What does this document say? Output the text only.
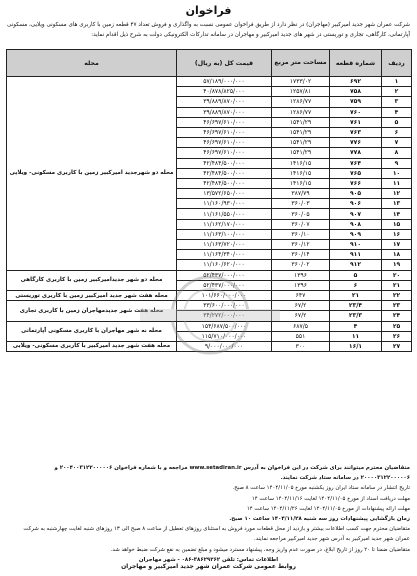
فراخوان
شرکت عمران شهر جدید امیرکبیر (مهاجران) در نظر دارد از طریق فراخوان عمومی نسبت به واگذاری و فروش تعداد ۴۷ قطعه زمین با کاربری های مسکونی ویلایی، مسکونی آپارتمانی، کارگاهی، تجاری و توریستی در شهر های جدید امیرکبیر و مهاجران در سامانه تدارکات الکترونیکی دولت به شرح ذیل اقدام نماید:
ردیف	شماره قطعه	مساحت متر مربع	قیمت کل (به ریال)	محله
۱	۶۹۲	۱۷۳۳/۰۲	۵۷/۱۸۹/۰۰۰/۰۰۰	محله دو شهرجدید امیرکبیر زمین با کاربری مسکونی- ویلایی
۲	۷۵۸	۱۲۵۷/۸۱	۴۰/۸۷۸/۸۲۵/۰۰۰	
۳	۷۵۹	۱۲۸۶/۷۷	۳۹/۸۸۹/۸۷۰/۰۰۰	
۴	۷۶۰	۱۲۸۶/۷۷	۳۹/۸۸۹/۸۷۰/۰۰۰	
۵	۷۶۱	۱۵۴۱/۲۹	۴۶/۶۹۷/۶۱۰/۰۰۰	
۶	۷۶۳	۱۵۴۱/۲۹	۴۶/۶۹۷/۶۱۰/۰۰۰	
۷	۷۷۶	۱۵۴۱/۲۹	۴۶/۶۹۷/۶۱۰/۰۰۰	
۸	۷۷۸	۱۵۴۱/۲۹	۴۶/۶۹۷/۶۱۰/۰۰۰	
۹	۷۶۴	۱۴۱۶/۱۵	۴۲/۴۸۴/۵۰۰/۰۰۰	
۱۰	۷۶۵	۱۴۱۶/۱۵	۴۲/۴۸۴/۵۰۰/۰۰۰	
۱۱	۷۶۶	۱۴۱۶/۱۵	۴۲/۴۸۴/۵۰۰/۰۰۰	
۱۲	۹۰۵	۳۸۷/۷۹	۱۳/۵۷۲/۶۵۰/۰۰۰	
۱۳	۹۰۶	۳۶۰/۰۳	۱۱/۱۶۰/۹۳۰/۰۰۰	
۱۴	۹۰۷	۳۶۰/۰۵	۱۱/۱۶۱/۵۵۰/۰۰۰	
۱۵	۹۰۸	۳۶۰/۰۷	۱۱/۱۶۲/۱۷۰/۰۰۰	
۱۶	۹۰۹	۳۶۰/۱۰	۱۱/۱۶۳/۱۰۰/۰۰۰	
۱۷	۹۱۰	۳۶۰/۱۲	۱۱/۱۶۳/۷۲۰/۰۰۰	
۱۸	۹۱۱	۳۶۰/۱۴	۱۱/۱۶۴/۳۴۰/۰۰۰	
۱۹	۹۱۲	۳۶۰/۰۲	۱۱/۱۶۰/۶۲۰/۰۰۰	
۲۰	۵	۱۳۹۶	۵۲/۴۳۷/۰۰۰/۰۰۰	محله دو شهر جدیدامیرکبیر زمین با کاربری کارگاهی
۲۱	۶	۱۳۹۶	۵۲/۴۳۷/۰۰۰/۰۰۰	
۲۲	۲۱	۶۴۷	۱۰۱/۶۶۰/۰۰۰/۰۰۰	محله هفت شهر جدید امیرکبیر زمین با کاربری توریستی
۲۳	۲۳/۴	۶۷/۲	۳۳/۶۰۰/۰۰۰/۰۰۰	محله هفت شهر جدیدمهاجران زمین با کاربری تجاری
۲۴	۲۳/۳	۶۷/۲	۳۴/۲۷۲/۰۰۰/۰۰۰	
۲۵	۴	۶۸۷/۵	۱۵۴/۶۸۷/۵۰۰/۰۰۰	محله نه شهر مهاجران با کاربری مسکونی آپارتمانی
۲۶	۱۱	۵۵۱	۱۱۵/۷۱۰/۰۰۰/۰۰۰	
۲۷	۱۶/۱	۳۰۰	۹/۰۰۰/۰۰۰/۰۰۰	محله هفت شهر جدید امیرکبیر با کاربری مسکونی- ویلایی

متقاضیان محترم میتوانند برای شرکت در این فراخوان به آدرس www.setadiran.ir مراجعه و با شماره فراخوان ۲۰۰۴۰۰۳۱۲۲۰۰۰۰۰۶ و ۲۰۰۰۰۳۱۲۲۰۰۰۰۰۶ در سامانه ستاد شرکت نمایند.

تاریخ انتشار در سامانه ستاد ایران روز یکشنبه مورخ ۱۴۰۴/۱۱/۰۵ ساعت ۸ صبح.

مهلت دریافت اسناد از مورخ ۱۴۰۴/۱۱/۰۵ لغایت ۱۴۰۴/۱۱/۱۶ ساعت ۱۴

مهلت ارائه پیشنهادات از مورخ ۱۴۰۴/۱۱/۰۵ لغایت ۱۴۰۴/۱۱/۲۶ ساعت ۱۴

زمان بازگشایی پیشنهادات روز سه شنبه ۱۴۰۴/۱۱/۲۸ ساعت ۱۰ صبح.

متقاضیان محترم جهت کسب اطلاعات بیشتر و بازدید از محل قطعات مورد فروش به استثنای روزهای تعطیل از ساعت ۸ صبح الی ۱۳ روزهای شنبه لغایت چهارشنبه به شرکت عمران شهر جدید امیرکبیر به آدرس شهر جدید امیرکبیر مراجعه نمایند.

متقاضیان ضمنا تا ۲۰ روز از تاریخ ابلاغ، در صورت عدم واریز وجه، پیشنهاد مسترد میشود و مبلغ تضمین به نفع شرکت ضبط خواهد شد.

اطلاعات تماس: تلفن ۳۸۶۲۹۲۶۲-۰۸۶ - شهر مهاجران

روابط عمومی شرکت عمران شهر جدید امیرکبیر و مهاجران
